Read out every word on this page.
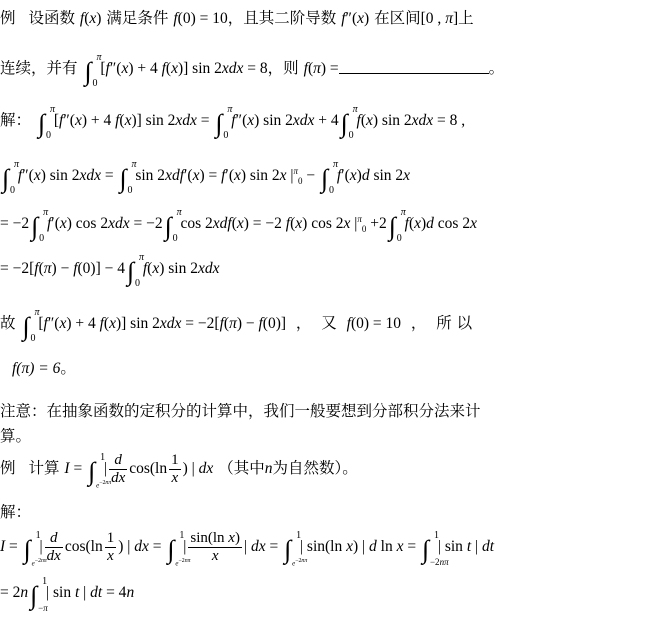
例 设函数 f(x) 满足条件 f(0) = 10，且其二阶导数 f″(x) 在区间[0 , π]上
连续，并有 ∫ π
0
[f″(x) + 4 f(x)] sin 2xdx = 8，则 f(π) =	。
解： ∫ π
0
[f″(x) + 4 f(x)] sin 2xdx = ∫ π
0
f″(x) sin 2xdx + 4∫ π
0
f(x) sin 2xdx = 8 ,
∫ π
0
f″(x) sin 2xdx = ∫ π
0
sin 2xdf′(x) = f′(x) sin 2x $|^\pi_0$ − ∫ π
0
f′(x)d sin 2x
= −2∫ π
0
f′(x) cos 2xdx = −2∫ π
0
cos 2xdf(x) = −2 f(x) cos 2x $|^\pi_0 +2\int$ π
0
f(x)d cos 2x
= −2[f(π) − f(0)] − 4∫ π
0
f(x) sin 2xdx
故 ∫ π
0
[f″(x) + 4 f(x)] sin 2xdx = −2[f(π) − f(0)]  ，  又 f(0) = 10  ，  所 以
f(π) = 6。
注意：在抽象函数的定积分的计算中，我们一般要想到分部积分法来计
算。
例 计算 I = ∫ 1
$e^{-2n\pi}$
| $\frac{d}{dx} \cos(\ln \frac{1}{x}$ ) | dx （其中n为自然数）。
解：
I = ∫ 1
$e^{-2n\pi}$
| $\frac{d}{dx} \cos(\ln \frac{1}{x}$ ) | dx = ∫ 1
$e^{-2n\pi}$
| $\frac{\text{sin(ln x)}}{x}$ | dx = ∫ 1
$e^{-2n\pi}$
| sin(ln x) | d ln x = ∫ 1
−2nπ
| sin t | dt
= 2n∫ 1
−π
| sin t | dt = 4n
